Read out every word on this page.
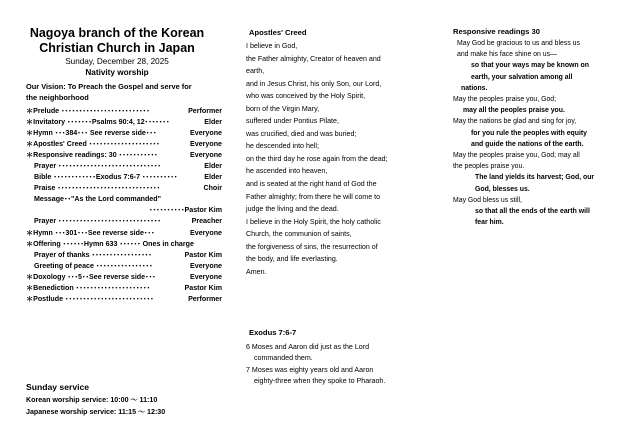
Nagoya branch of the Korean
Christian Church in Japan
Sunday, December 28, 2025
Nativity worship
Our Vision: To Preach the Gospel and serve for
the neighborhood
＊Prelude ･････････････････････････	Performer
＊Invitatory ･･･････Psalms 90:4, 12･･･････	Elder
＊Hymn ･･･384･･･ See reverse side･･･	Everyone
＊Apostles' Creed ････････････････････	Everyone
＊Responsive readings: 30 ･･･････････	Everyone
Prayer ･････････････････････････････	Elder
Bible ････････････Exodus 7:6-7 ･･････････	Elder
Praise ･････････････････････････････	Choir
Message･･"As the Lord commanded"
･･････････Pastor Kim
Prayer ･････････････････････････････	Preacher
＊Hymn ･･･301･･･See reverse side･･･	Everyone
＊Offering ･･････Hymn 633 ･･････ Ones in charge
Prayer of thanks ･････････････････	Pastor Kim
Greeting of peace ････････････････	Everyone
＊Doxology ･･･5･･See reverse side･･･	Everyone
＊Benediction ･････････････････････	Pastor Kim
＊Postlude ･････････････････････････	Performer
Sunday service
Korean worship service: 10:00 ～ 11:10
Japanese worship service: 11:15 ～ 12:30
Apostles' Creed
I believe in God,
the Father almighty, Creator of heaven and
earth,
and in Jesus Christ, his only Son, our Lord,
who was conceived by the Holy Spirit,
born of the Virgin Mary,
suffered under Pontius Pilate,
was crucified, died and was buried;
he descended into hell;
on the third day he rose again from the dead;
he ascended into heaven,
and is seated at the right hand of God the
Father almighty; from there he will come to
judge the living and the dead.
I believe in the Holy Spirit, the holy catholic
Church, the communion of saints,
the forgiveness of sins, the resurrection of
the body, and life everlasting.
Amen.
Exodus 7:6-7
6 Moses and Aaron did just as the Lord
commanded them.
7 Moses was eighty years old and Aaron
eighty-three when they spoke to Pharaoh.
Responsive readings 30
May God be gracious to us and bless us
and make his face shine on us—
so that your ways may be known on
earth, your salvation among all
nations.
May the peoples praise you, God;
may all the peoples praise you.
May the nations be glad and sing for joy,
for you rule the peoples with equity
and guide the nations of the earth.
May the peoples praise you, God; may all
the peoples praise you.
The land yields its harvest; God, our
God, blesses us.
May God bless us still,
so that all the ends of the earth will
fear him.
